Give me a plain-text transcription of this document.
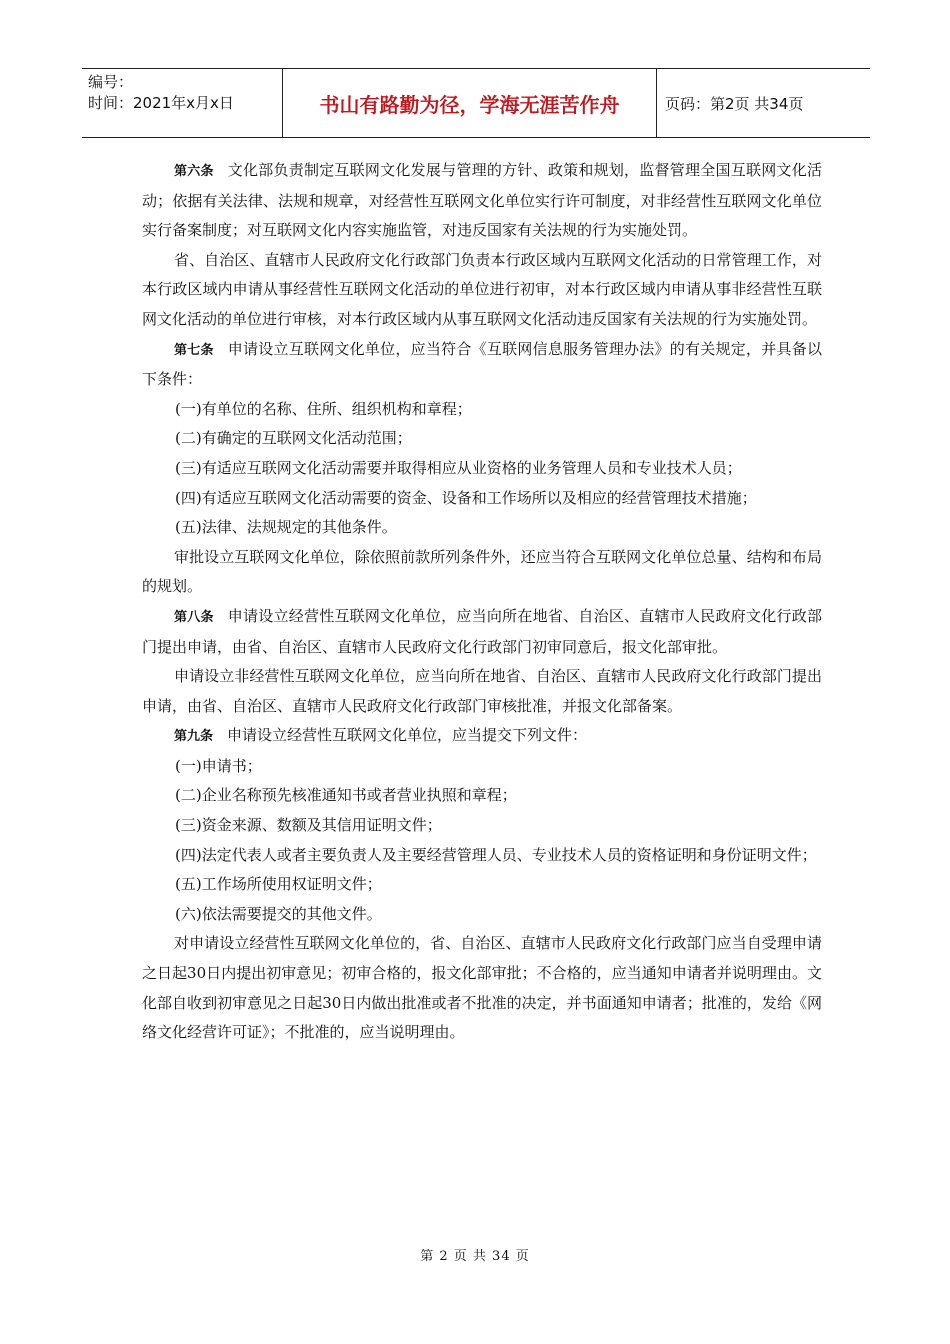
编号：
时间：2021年x月x日	书山有路勤为径，学海无涯苦作舟	页码：第2页 共34页

第六条 文化部负责制定互联网文化发展与管理的方针、政策和规划，监督管理全国互联网文化活动；依据有关法律、法规和规章，对经营性互联网文化单位实行许可制度，对非经营性互联网文化单位实行备案制度；对互联网文化内容实施监管，对违反国家有关法规的行为实施处罚。

省、自治区、直辖市人民政府文化行政部门负责本行政区域内互联网文化活动的日常管理工作，对本行政区域内申请从事经营性互联网文化活动的单位进行初审，对本行政区域内申请从事非经营性互联网文化活动的单位进行审核，对本行政区域内从事互联网文化活动违反国家有关法规的行为实施处罚。

第七条 申请设立互联网文化单位，应当符合《互联网信息服务管理办法》的有关规定，并具备以下条件：

(一)有单位的名称、住所、组织机构和章程；

(二)有确定的互联网文化活动范围；

(三)有适应互联网文化活动需要并取得相应从业资格的业务管理人员和专业技术人员；

(四)有适应互联网文化活动需要的资金、设备和工作场所以及相应的经营管理技术措施；

(五)法律、法规规定的其他条件。

审批设立互联网文化单位，除依照前款所列条件外，还应当符合互联网文化单位总量、结构和布局的规划。

第八条 申请设立经营性互联网文化单位，应当向所在地省、自治区、直辖市人民政府文化行政部门提出申请，由省、自治区、直辖市人民政府文化行政部门初审同意后，报文化部审批。

申请设立非经营性互联网文化单位，应当向所在地省、自治区、直辖市人民政府文化行政部门提出申请，由省、自治区、直辖市人民政府文化行政部门审核批准，并报文化部备案。

第九条 申请设立经营性互联网文化单位，应当提交下列文件：

(一)申请书；

(二)企业名称预先核准通知书或者营业执照和章程；

(三)资金来源、数额及其信用证明文件；

(四)法定代表人或者主要负责人及主要经营管理人员、专业技术人员的资格证明和身份证明文件；

(五)工作场所使用权证明文件；

(六)依法需要提交的其他文件。

对申请设立经营性互联网文化单位的，省、自治区、直辖市人民政府文化行政部门应当自受理申请之日起30日内提出初审意见；初审合格的，报文化部审批；不合格的，应当通知申请者并说明理由。文化部自收到初审意见之日起30日内做出批准或者不批准的决定，并书面通知申请者；批准的，发给《网络文化经营许可证》；不批准的，应当说明理由。

第 2 页 共 34 页
